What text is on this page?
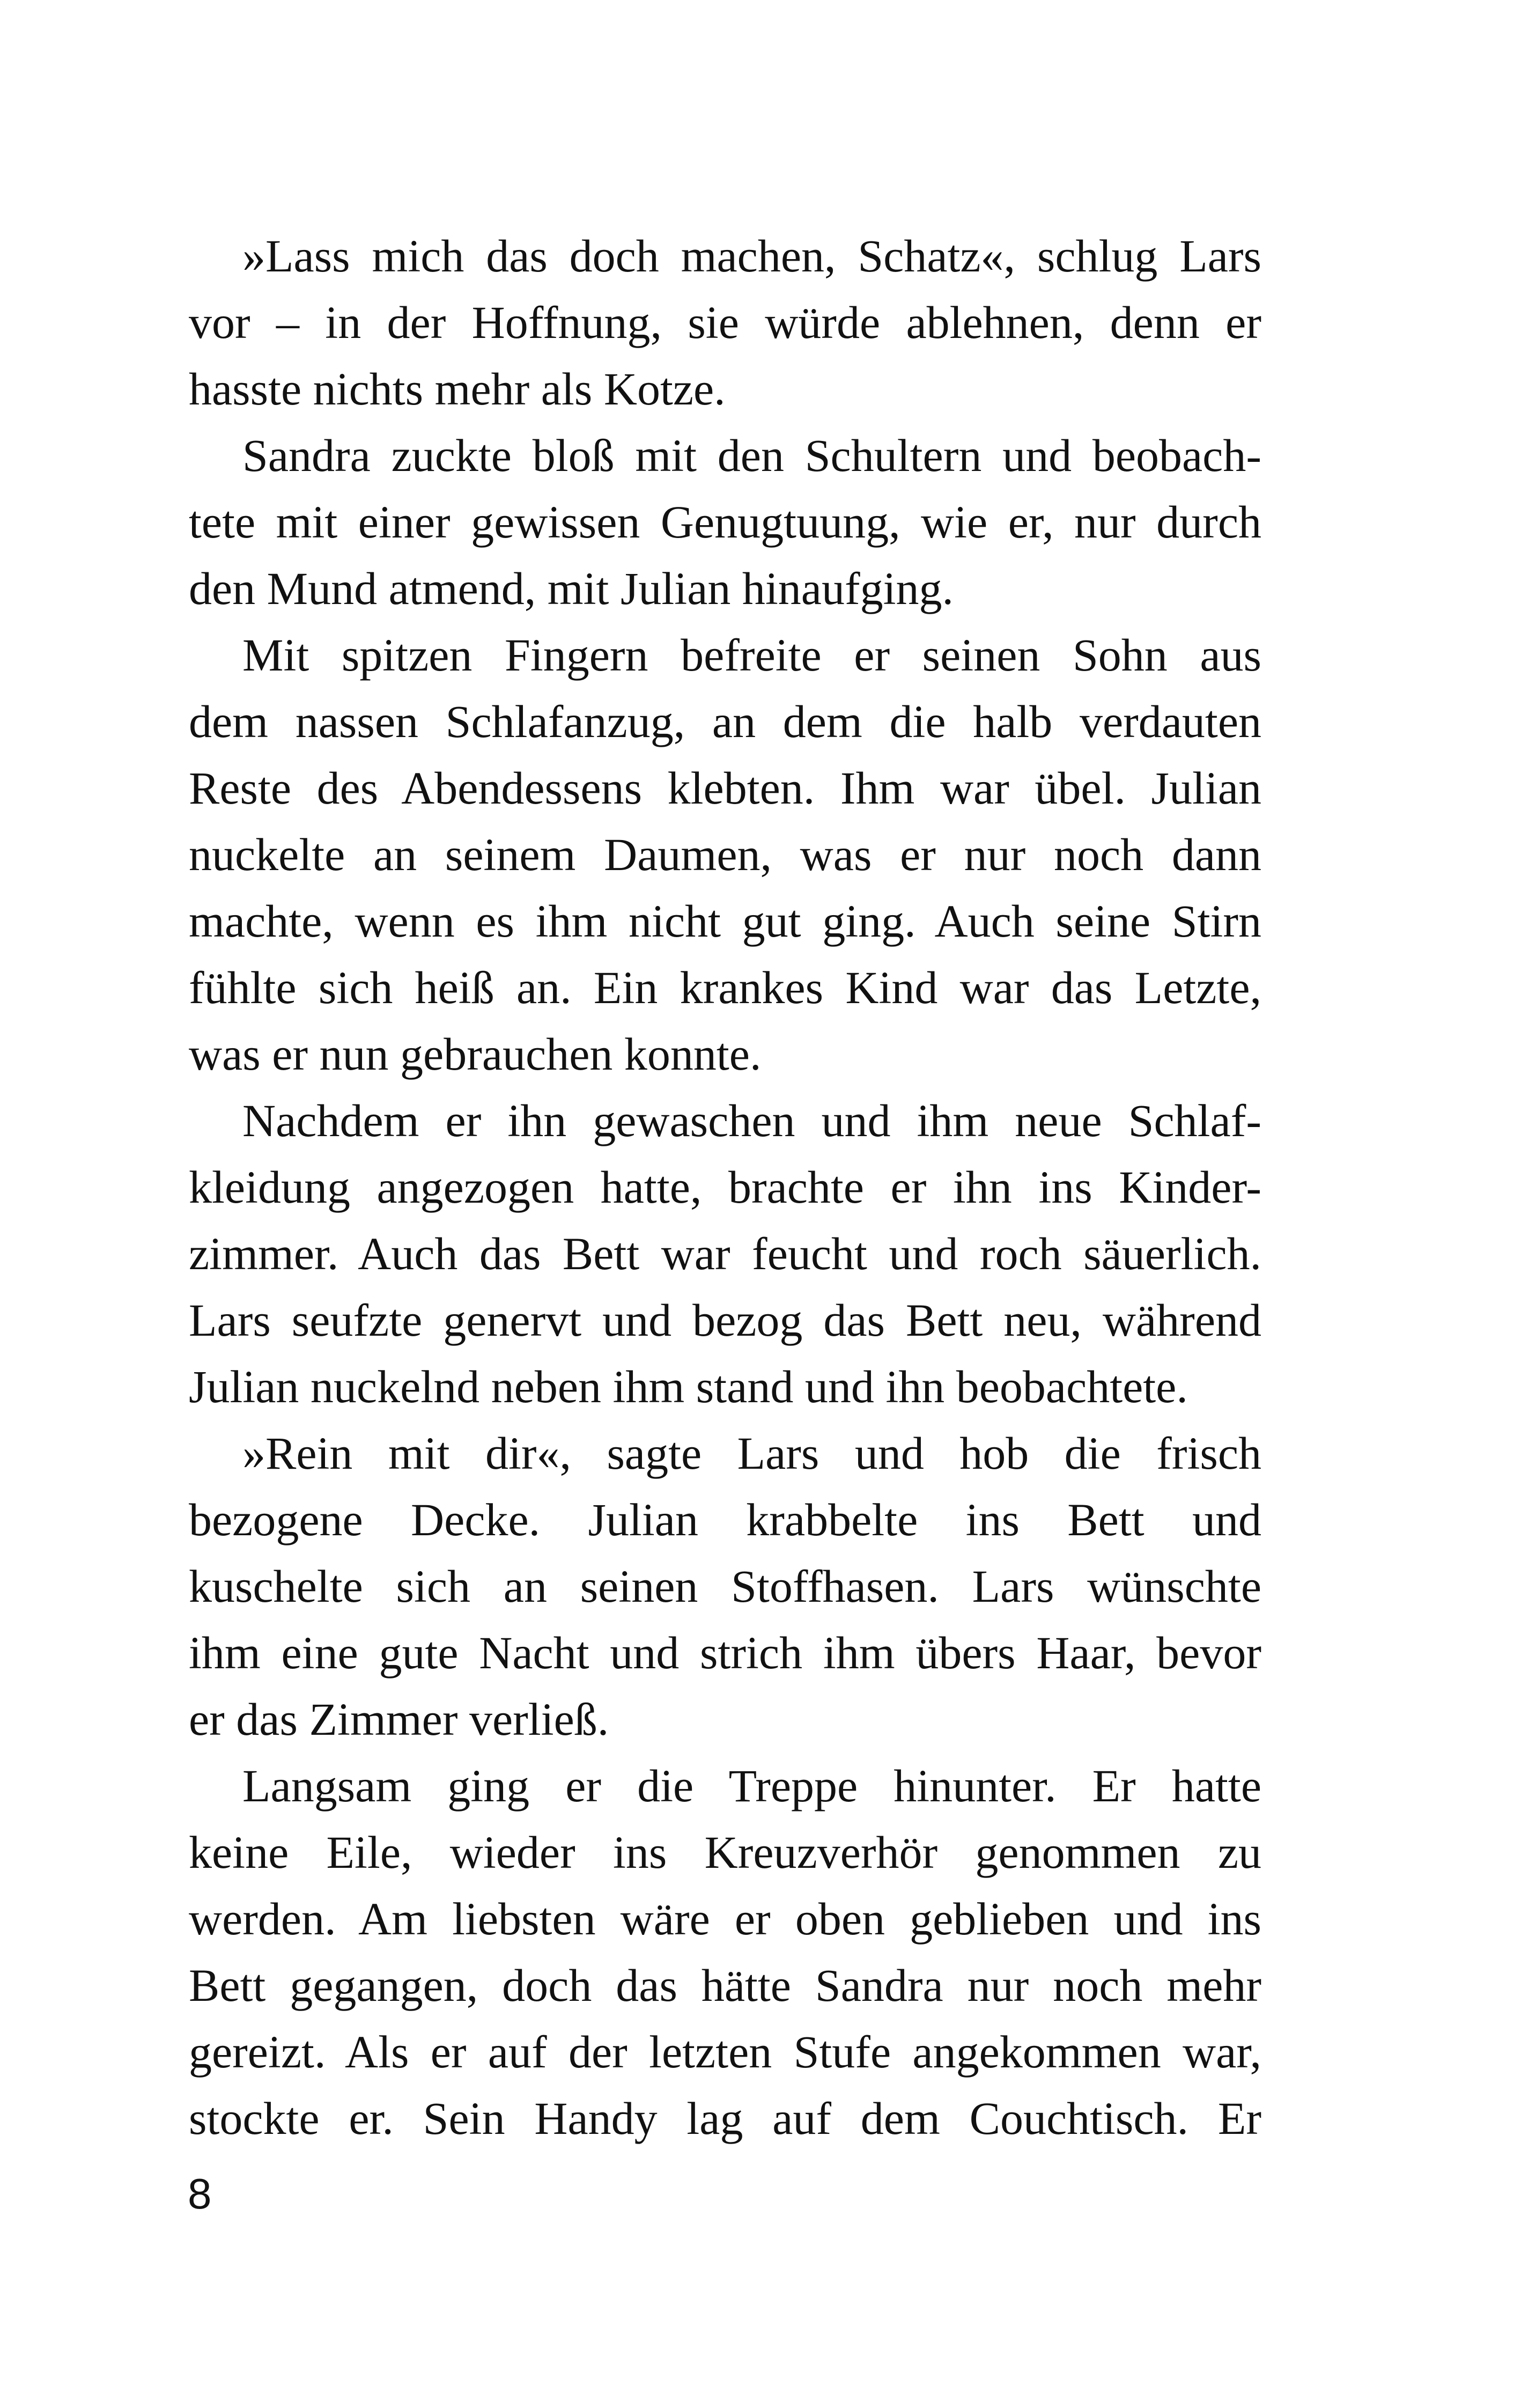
»Lass mich das doch machen, Schatz«, schlug Lars
vor – in der Hoffnung, sie würde ablehnen, denn er
hasste nichts mehr als Kotze.
Sandra zuckte bloß mit den Schultern und beobach-
tete mit einer gewissen Genugtuung, wie er, nur durch
den Mund atmend, mit Julian hinaufging.
Mit spitzen Fingern befreite er seinen Sohn aus
dem nassen Schlafanzug, an dem die halb verdauten
Reste des Abendessens klebten. Ihm war übel. Julian
nuckelte an seinem Daumen, was er nur noch dann
machte, wenn es ihm nicht gut ging. Auch seine Stirn
fühlte sich heiß an. Ein krankes Kind war das Letzte,
was er nun gebrauchen konnte.
Nachdem er ihn gewaschen und ihm neue Schlaf-
kleidung angezogen hatte, brachte er ihn ins Kinder-
zimmer. Auch das Bett war feucht und roch säuerlich.
Lars seufzte genervt und bezog das Bett neu, während
Julian nuckelnd neben ihm stand und ihn beobachtete.
»Rein mit dir«, sagte Lars und hob die frisch
bezogene Decke. Julian krabbelte ins Bett und
kuschelte sich an seinen Stoffhasen. Lars wünschte
ihm eine gute Nacht und strich ihm übers Haar, bevor
er das Zimmer verließ.
Langsam ging er die Treppe hinunter. Er hatte
keine Eile, wieder ins Kreuzverhör genommen zu
werden. Am liebsten wäre er oben geblieben und ins
Bett gegangen, doch das hätte Sandra nur noch mehr
gereizt. Als er auf der letzten Stufe angekommen war,
stockte er. Sein Handy lag auf dem Couchtisch. Er
8
